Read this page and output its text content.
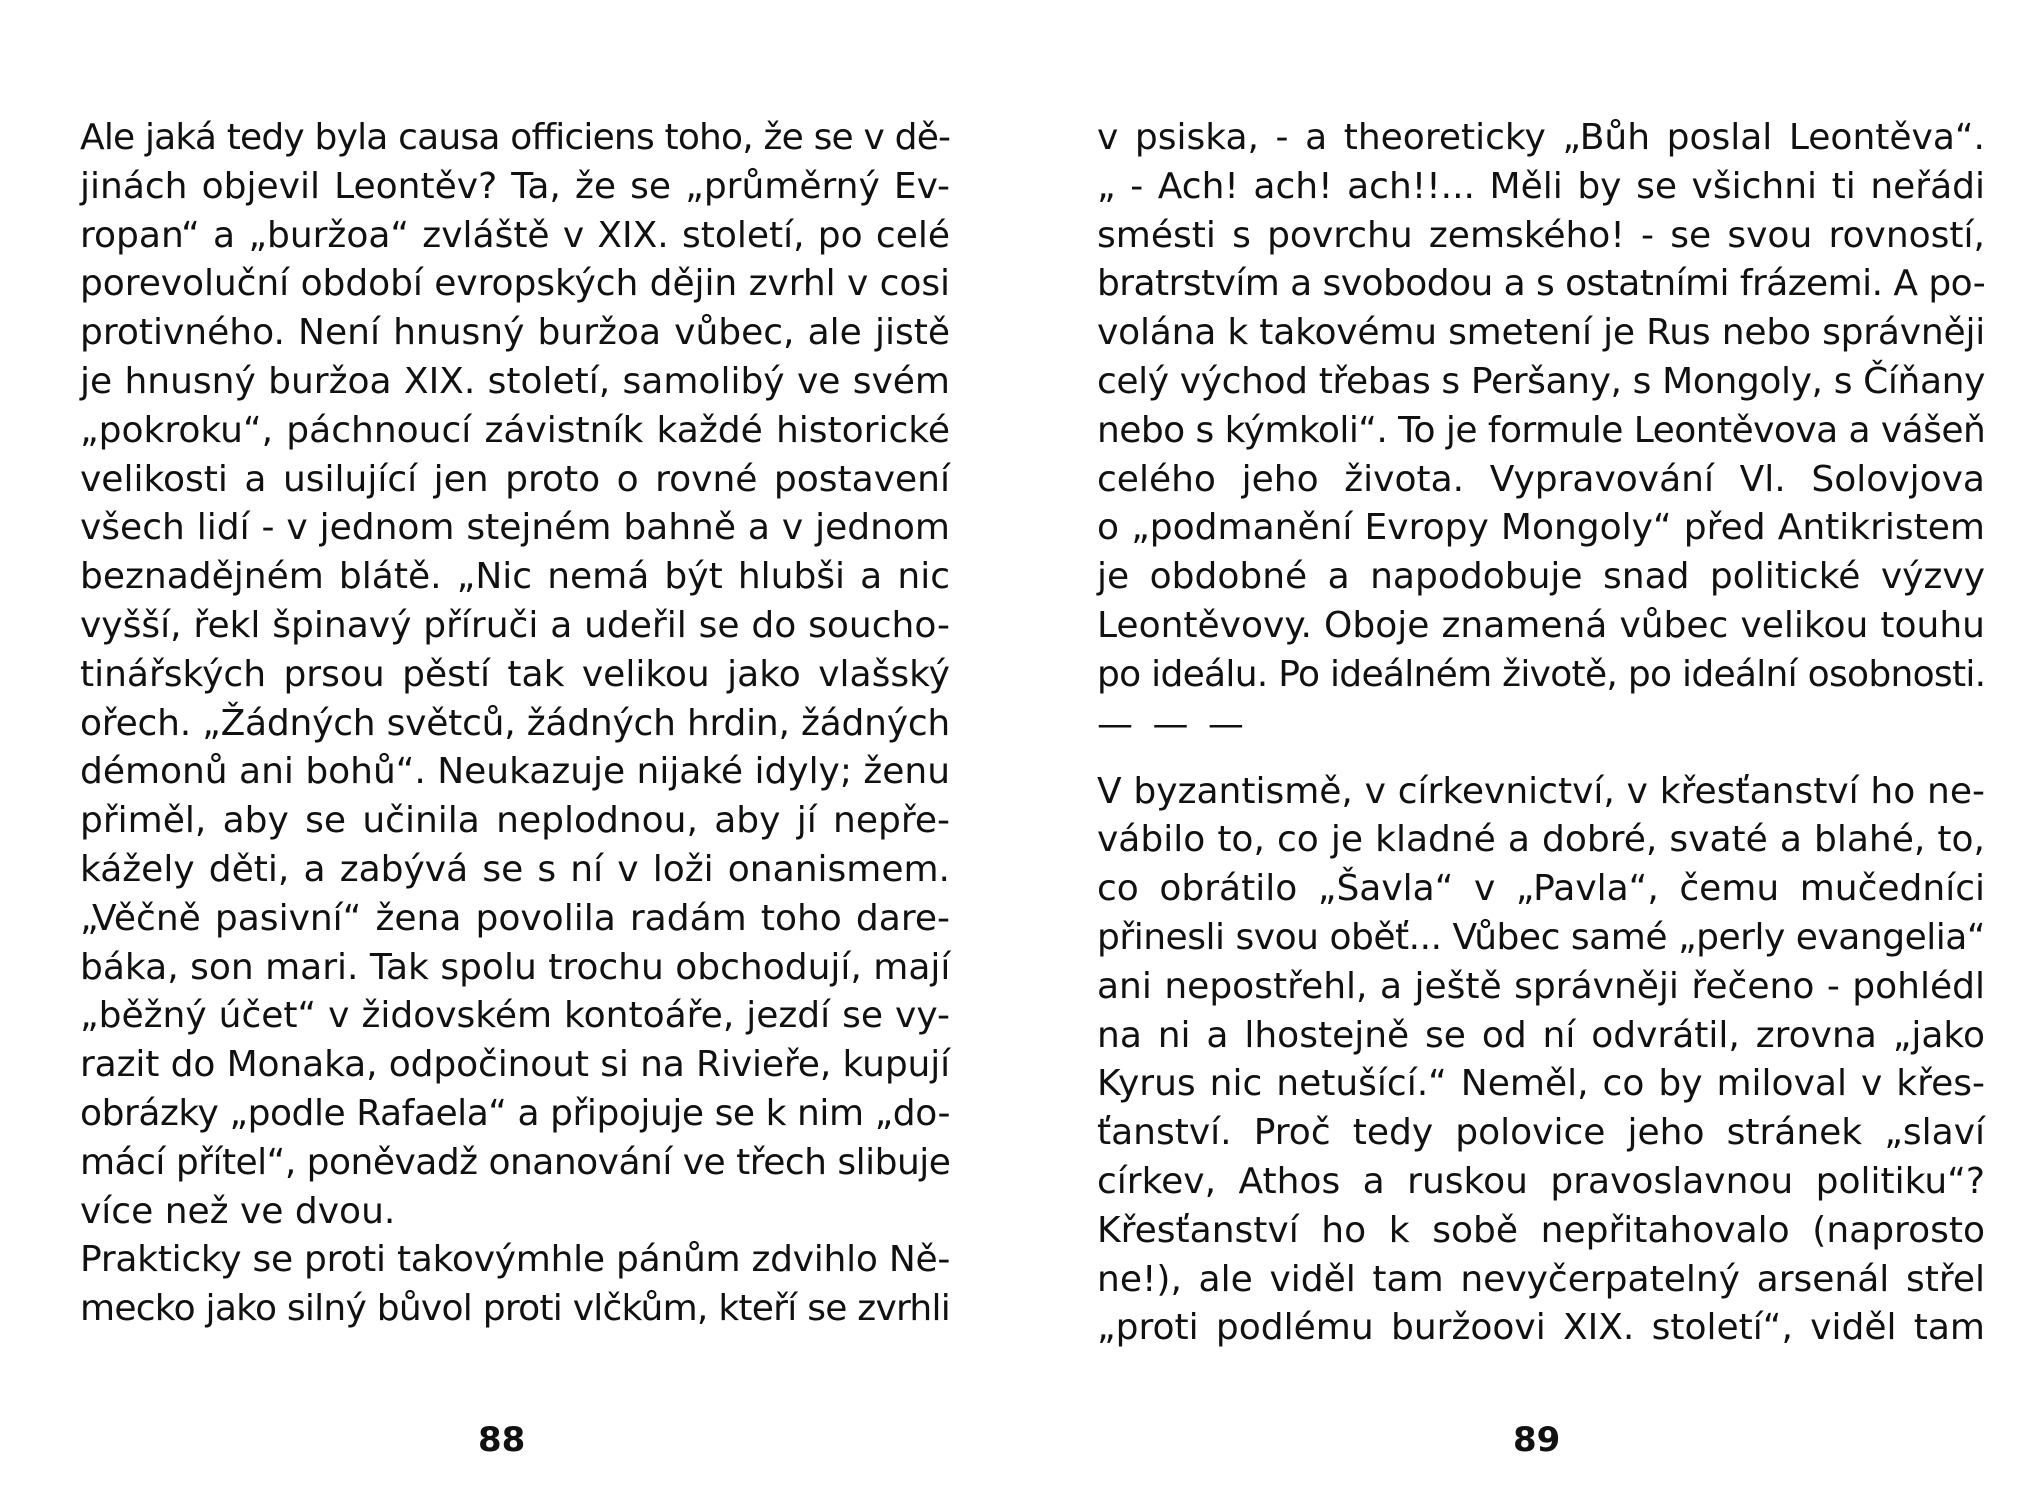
Ale jaká tedy byla causa officiens toho, že se v dě-
jinách objevil Leontěv? Ta, že se „průměrný Ev-
ropan“ a „buržoa“ zvláště v XIX. století, po celé
porevoluční období evropských dějin zvrhl v cosi
protivného. Není hnusný buržoa vůbec, ale jistě
je hnusný buržoa XIX. století, samolibý ve svém
„pokroku“, páchnoucí závistník každé historické
velikosti a usilující jen proto o rovné postavení
všech lidí - v jednom stejném bahně a v jednom
beznadějném blátě. „Nic nemá být hlubši a nic
vyšší, řekl špinavý příruči a udeřil se do soucho-
tinářských prsou pěstí tak velikou jako vlašský
ořech. „Žádných světců, žádných hrdin, žádných
démonů ani bohů“. Neukazuje nijaké idyly; ženu
přiměl, aby se učinila neplodnou, aby jí nepře-
kážely děti, a zabývá se s ní v loži onanismem.
„Věčně pasivní“ žena povolila radám toho dare-
báka, son mari. Tak spolu trochu obchodují, mají
„běžný účet“ v židovském kontoáře, jezdí se vy-
razit do Monaka, odpočinout si na Rivieře, kupují
obrázky „podle Rafaela“ a připojuje se k nim „do-
mácí přítel“, poněvadž onanování ve třech slibuje
více než ve dvou.
Prakticky se proti takovýmhle pánům zdvihlo Ně-
mecko jako silný bůvol proti vlčkům, kteří se zvrhli
v psiska, - a theoreticky „Bůh poslal Leontěva“.
„ - Ach! ach! ach!!... Měli by se všichni ti neřádi
smésti s povrchu zemského! - se svou rovností,
bratrstvím a svobodou a s ostatními frázemi. A po-
volána k takovému smetení je Rus nebo správněji
celý východ třebas s Peršany, s Mongoly, s Číňany
nebo s kýmkoli“. To je formule Leontěvova a vášeň
celého jeho života. Vypravování Vl. Solovjova
o „podmanění Evropy Mongoly“ před Antikristem
je obdobné a napodobuje snad politické výzvy
Leontěvovy. Oboje znamená vůbec velikou touhu
po ideálu. Po ideálném životě, po ideální osobnosti.
— — —
V byzantismě, v církevnictví, v křesťanství ho ne-
vábilo to, co je kladné a dobré, svaté a blahé, to,
co obrátilo „Šavla“ v „Pavla“, čemu mučedníci
přinesli svou oběť... Vůbec samé „perly evangelia“
ani nepostřehl, a ještě správněji řečeno - pohlédl
na ni a lhostejně se od ní odvrátil, zrovna „jako
Kyrus nic netušící.“ Neměl, co by miloval v křes-
ťanství. Proč tedy polovice jeho stránek „slaví
církev, Athos a ruskou pravoslavnou politiku“?
Křesťanství ho k sobě nepřitahovalo (naprosto
ne!), ale viděl tam nevyčerpatelný arsenál střel
„proti podlému buržoovi XIX. století“, viděl tam
88	89
